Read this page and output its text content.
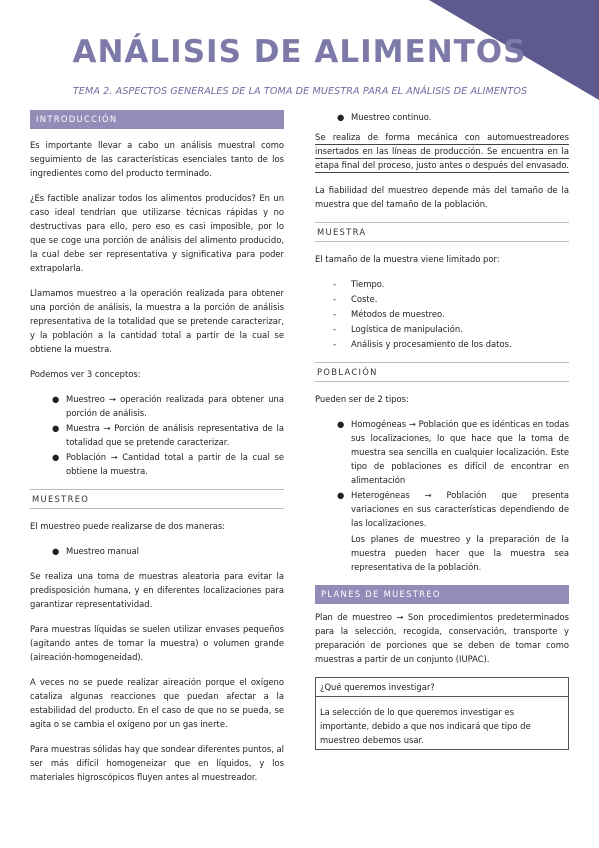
ANÁLISIS DE ALIMENTOS
TEMA 2. ASPECTOS GENERALES DE LA TOMA DE MUESTRA PARA EL ANÁLISIS DE ALIMENTOS
INTRODUCCIÓN

Es importante llevar a cabo un análisis muestral como seguimiento de las características esenciales tanto de los ingredientes como del producto terminado.

¿Es factible analizar todos los alimentos producidos? En un caso ideal tendrían que utilizarse técnicas rápidas y no destructivas para ello, pero eso es casi imposible, por lo que se coge una porción de análisis del alimento producido, la cual debe ser representativa y significativa para poder extrapolarla.

Llamamos muestreo a la operación realizada para obtener una porción de análisis, la muestra a la porción de análisis representativa de la totalidad que se pretende caracterizar, y la población a la cantidad total a partir de la cual se obtiene la muestra.

Podemos ver 3 conceptos:

● Muestreo → operación realizada para obtener una porción de análisis.
● Muestra → Porción de análisis representativa de la totalidad que se pretende caracterizar.
● Población → Cantidad total a partir de la cual se obtiene la muestra.
MUESTREO

El muestreo puede realizarse de dos maneras:

● Muestreo manual

Se realiza una toma de muestras aleatoria para evitar la predisposición humana, y en diferentes localizaciones para garantizar representatividad.

Para muestras líquidas se suelen utilizar envases pequeños (agitando antes de tomar la muestra) o volumen grande (aireación-homogeneidad).

A veces no se puede realizar aireación porque el oxígeno cataliza algunas reacciones que puedan afectar a la estabilidad del producto. En el caso de que no se pueda, se agita o se cambia el oxígeno por un gas inerte.

Para muestras sólidas hay que sondear diferentes puntos, al ser más difícil homogeneizar que en líquidos, y los materiales higroscópicos fluyen antes al muestreador.

● Muestreo continuo.

Se realiza de forma mecánica con automuestreadores insertados en las líneas de producción. Se encuentra en la etapa final del proceso, justo antes o después del envasado.

La fiabilidad del muestreo depende más del tamaño de la muestra que del tamaño de la población.

MUESTRA

El tamaño de la muestra viene limitado por:

- Tiempo.
- Coste.
- Métodos de muestreo.
- Logística de manipulación.
- Análisis y procesamiento de los datos.
POBLACIÓN

Pueden ser de 2 tipos:

● Homogéneas → Población que es idénticas en todas sus localizaciones, lo que hace que la toma de muestra sea sencilla en cualquier localización. Este tipo de poblaciones es difícil de encontrar en alimentación
● Heterogéneas → Población que presenta variaciones en sus características dependiendo de las localizaciones.

Los planes de muestreo y la preparación de la muestra pueden hacer que la muestra sea representativa de la población.

PLANES DE MUESTREO

Plan de muestreo → Son procedimientos predeterminados para la selección, recogida, conservación, transporte y preparación de porciones que se deben de tomar como muestras a partir de un conjunto (IUPAC).

¿Qué queremos investigar?
La selección de lo que queremos investigar es importante, debido a que nos indicará que tipo de muestreo debemos usar.
